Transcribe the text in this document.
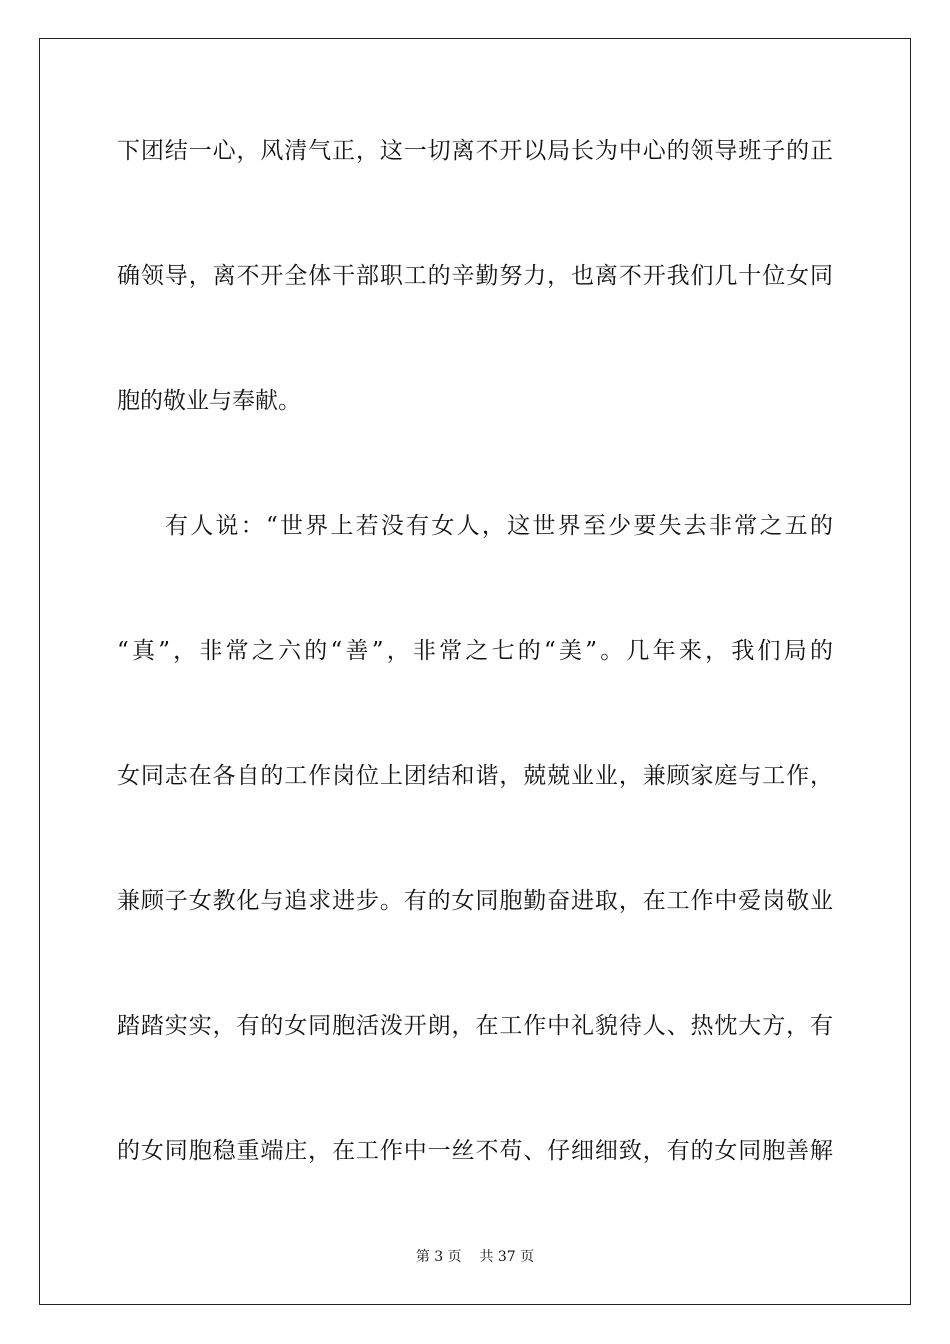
下团结一心，风清气正，这一切离不开以局长为中心的领导班子的正

确领导，离不开全体干部职工的辛勤努力，也离不开我们几十位女同

胞的敬业与奉献。

有人说：“世界上若没有女人，这世界至少要失去非常之五的

“真”，非常之六的“善”，非常之七的“美”。几年来，我们局的

女同志在各自的工作岗位上团结和谐，兢兢业业，兼顾家庭与工作，

兼顾子女教化与追求进步。有的女同胞勤奋进取，在工作中爱岗敬业

踏踏实实，有的女同胞活泼开朗，在工作中礼貌待人、热忱大方，有

的女同胞稳重端庄，在工作中一丝不苟、仔细细致，有的女同胞善解

第 3 页 共 37 页
